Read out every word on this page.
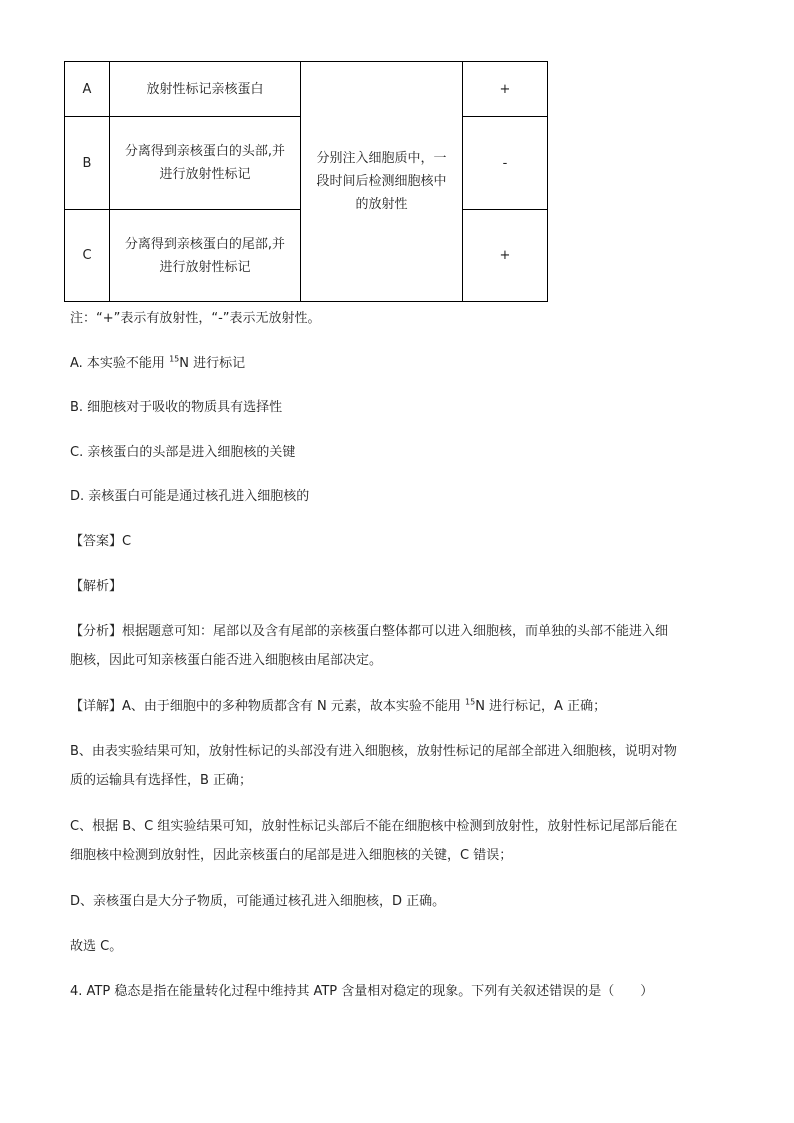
A	放射性标记亲核蛋白	分别注入细胞质中，一
段时间后检测细胞核中
的放射性	+
B	分离得到亲核蛋白的头部,并
进行放射性标记		-
C	分离得到亲核蛋白的尾部,并
进行放射性标记		+
注：“+”表示有放射性，“-”表示无放射性。
A. 本实验不能用 $^{15}$N 进行标记
B. 细胞核对于吸收的物质具有选择性
C. 亲核蛋白的头部是进入细胞核的关键
D. 亲核蛋白可能是通过核孔进入细胞核的
【答案】C
【解析】
【分析】根据题意可知：尾部以及含有尾部的亲核蛋白整体都可以进入细胞核，而单独的头部不能进入细
胞核，因此可知亲核蛋白能否进入细胞核由尾部决定。
【详解】A、由于细胞中的多种物质都含有 N 元素，故本实验不能用 $^{15}$N 进行标记，A 正确；
B、由表实验结果可知，放射性标记的头部没有进入细胞核，放射性标记的尾部全部进入细胞核，说明对物
质的运输具有选择性，B 正确；
C、根据 B、C 组实验结果可知，放射性标记头部后不能在细胞核中检测到放射性，放射性标记尾部后能在
细胞核中检测到放射性，因此亲核蛋白的尾部是进入细胞核的关键，C 错误；
D、亲核蛋白是大分子物质，可能通过核孔进入细胞核，D 正确。
故选 C。
4. ATP 稳态是指在能量转化过程中维持其 ATP 含量相对稳定的现象。下列有关叙述错误的是（　　）
